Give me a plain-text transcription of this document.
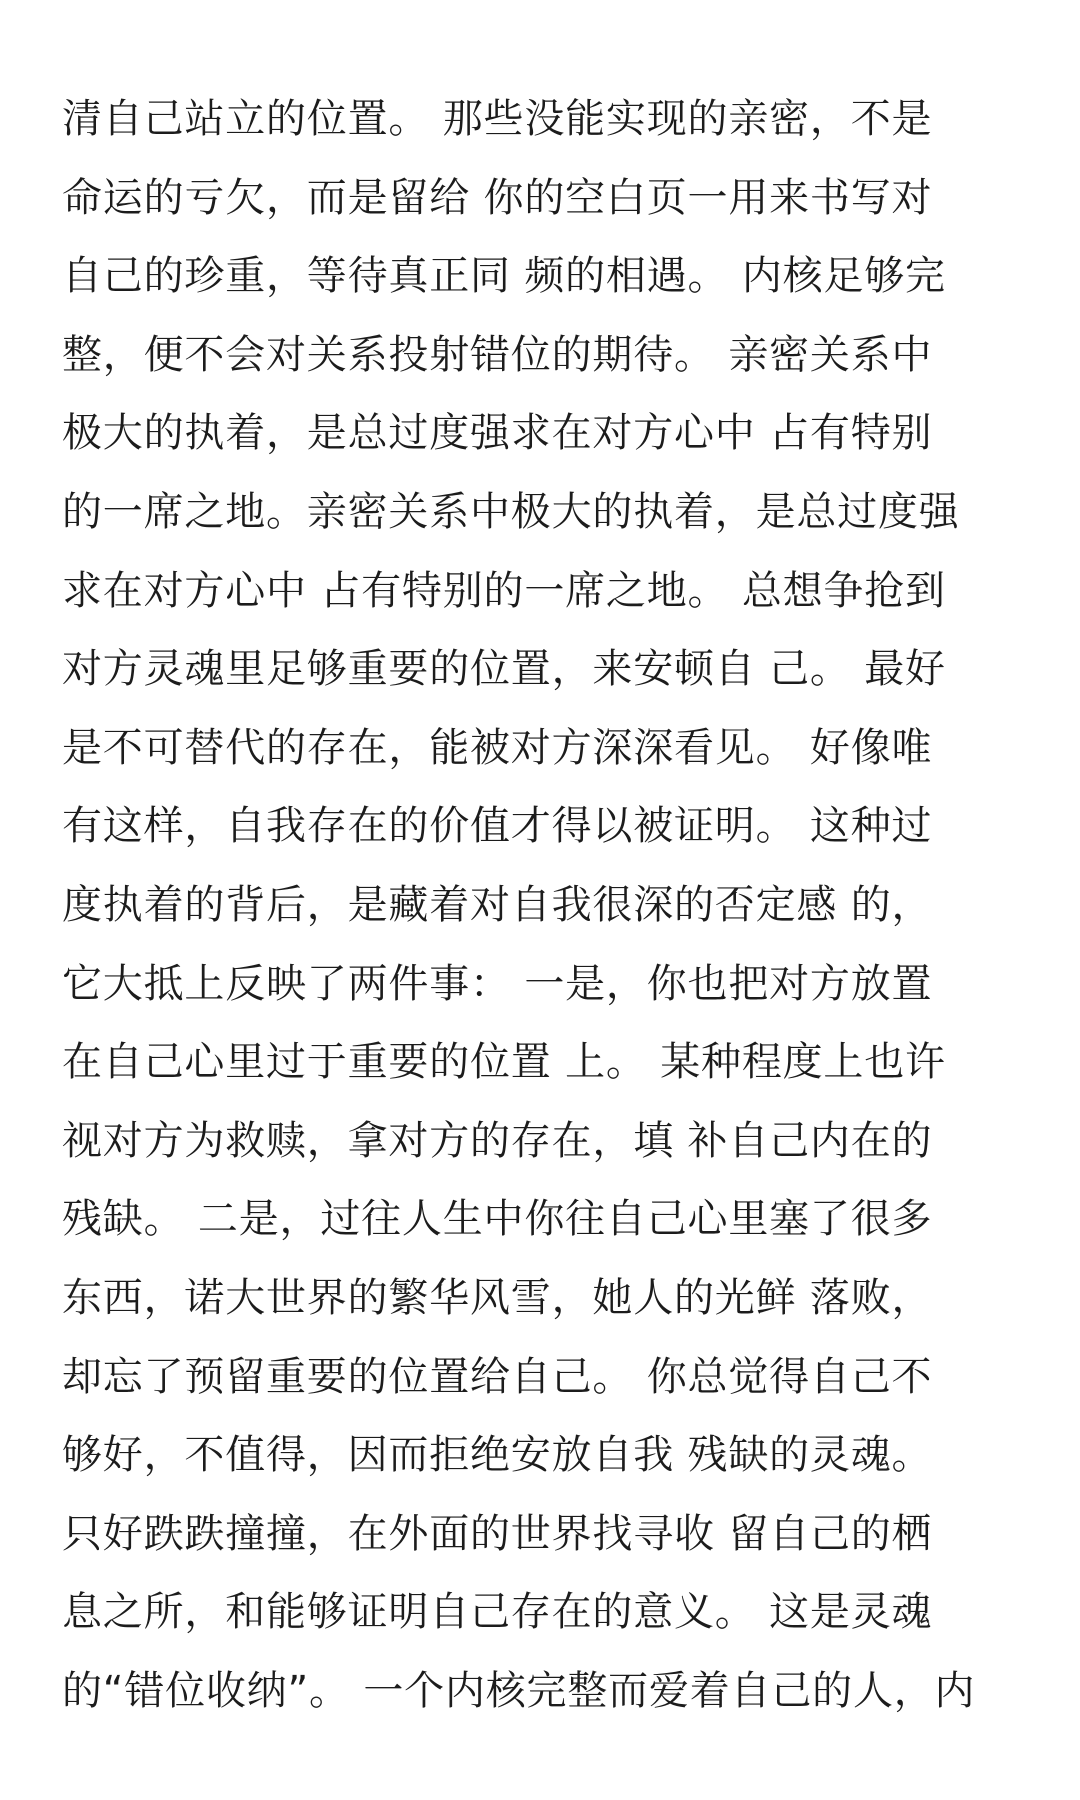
清自己站立的位置。 那些没能实现的亲密，不是
命运的亏欠，而是留给 你的空白页一用来书写对
自己的珍重，等待真正同 频的相遇。 内核足够完
整，便不会对关系投射错位的期待。 亲密关系中
极大的执着，是总过度强求在对方心中 占有特别
的一席之地。亲密关系中极大的执着，是总过度强
求在对方心中 占有特别的一席之地。 总想争抢到
对方灵魂里足够重要的位置，来安顿自 己。 最好
是不可替代的存在，能被对方深深看见。 好像唯
有这样，自我存在的价值才得以被证明。 这种过
度执着的背后，是藏着对自我很深的否定感 的，
它大抵上反映了两件事： 一是，你也把对方放置
在自己心里过于重要的位置 上。 某种程度上也许
视对方为救赎，拿对方的存在，填 补自己内在的
残缺。 二是，过往人生中你往自己心里塞了很多
东西，诺大世界的繁华风雪，她人的光鲜 落败，
却忘了预留重要的位置给自己。 你总觉得自己不
够好，不值得，因而拒绝安放自我 残缺的灵魂。
只好跌跌撞撞，在外面的世界找寻收 留自己的栖
息之所，和能够证明自己存在的意义。 这是灵魂
的“错位收纳”。 一个内核完整而爱着自己的人，内
